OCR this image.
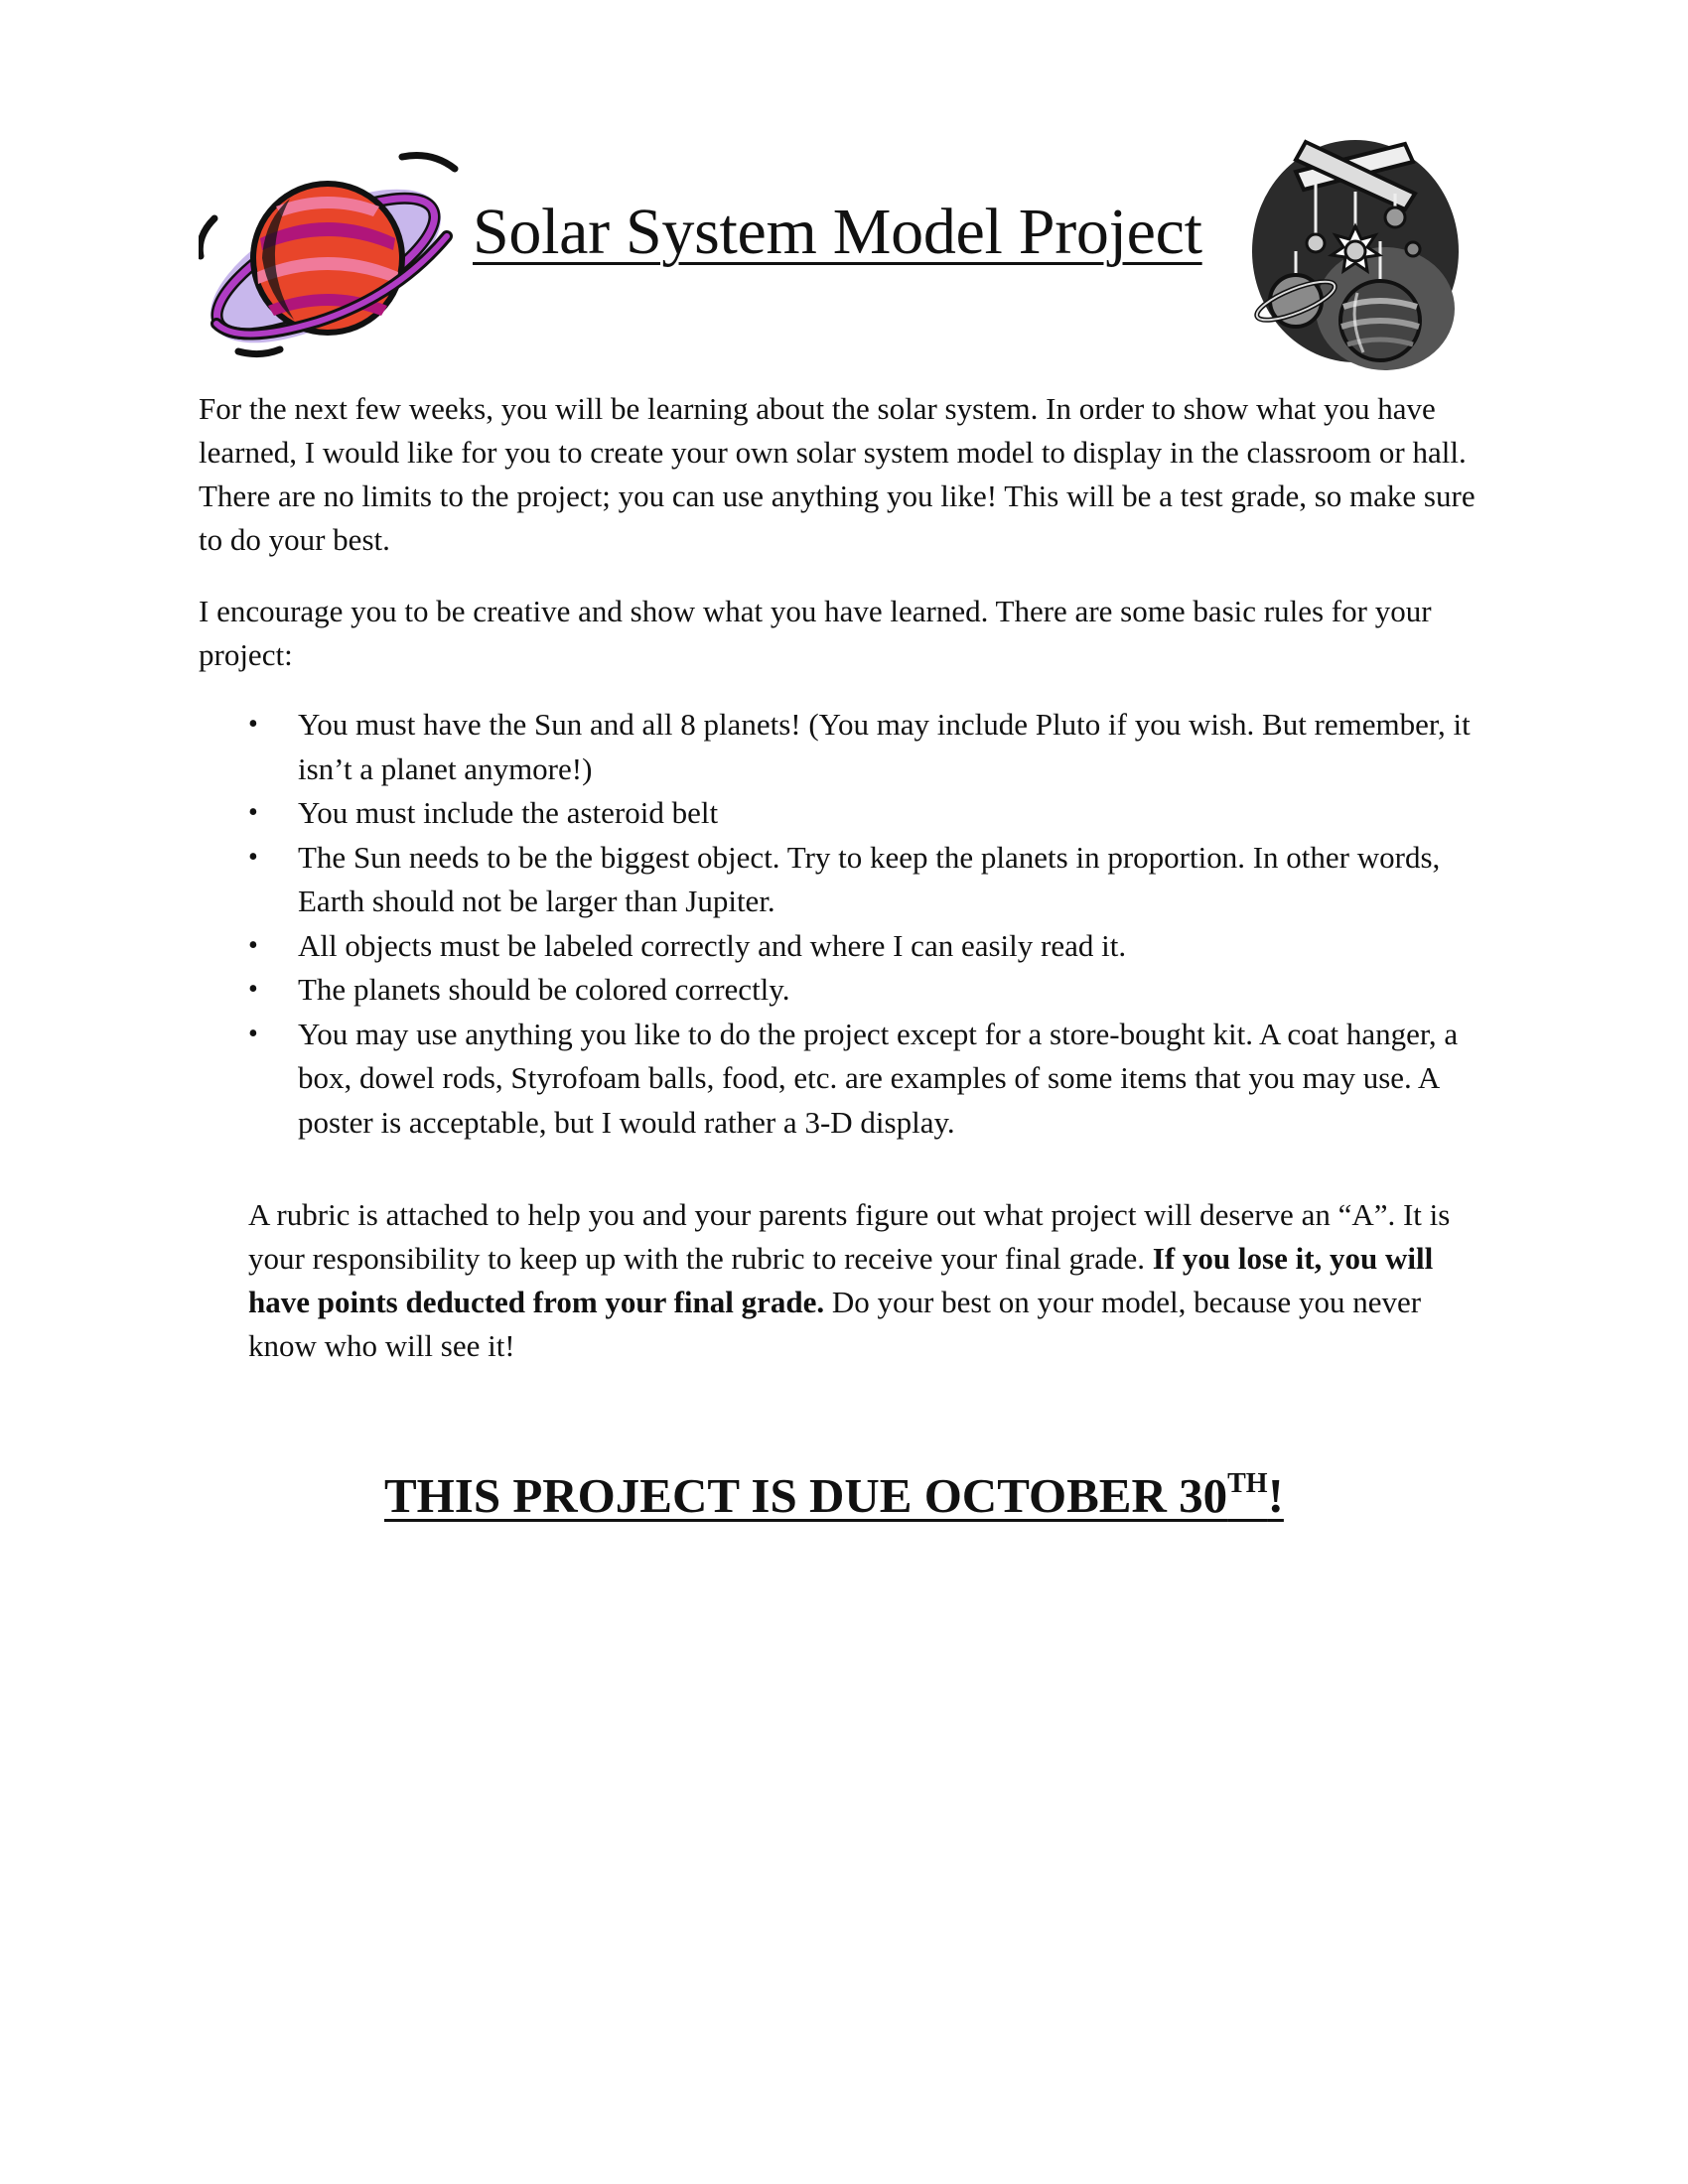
Solar System Model Project

For the next few weeks, you will be learning about the solar system. In order to show what you have learned, I would like for you to create your own solar system model to display in the classroom or hall. There are no limits to the project; you can use anything you like! This will be a test grade, so make sure to do your best.

I encourage you to be creative and show what you have learned. There are some basic rules for your project:

• You must have the Sun and all 8 planets! (You may include Pluto if you wish. But remember, it isn’t a planet anymore!)
• You must include the asteroid belt
• The Sun needs to be the biggest object. Try to keep the planets in proportion. In other words, Earth should not be larger than Jupiter.
• All objects must be labeled correctly and where I can easily read it.
• The planets should be colored correctly.
• You may use anything you like to do the project except for a store-bought kit. A coat hanger, a box, dowel rods, Styrofoam balls, food, etc. are examples of some items that you may use. A poster is acceptable, but I would rather a 3-D display.

A rubric is attached to help you and your parents figure out what project will deserve an “A”. It is your responsibility to keep up with the rubric to receive your final grade. If you lose it, you will have points deducted from your final grade. Do your best on your model, because you never know who will see it!

THIS PROJECT IS DUE OCTOBER 30TH!
